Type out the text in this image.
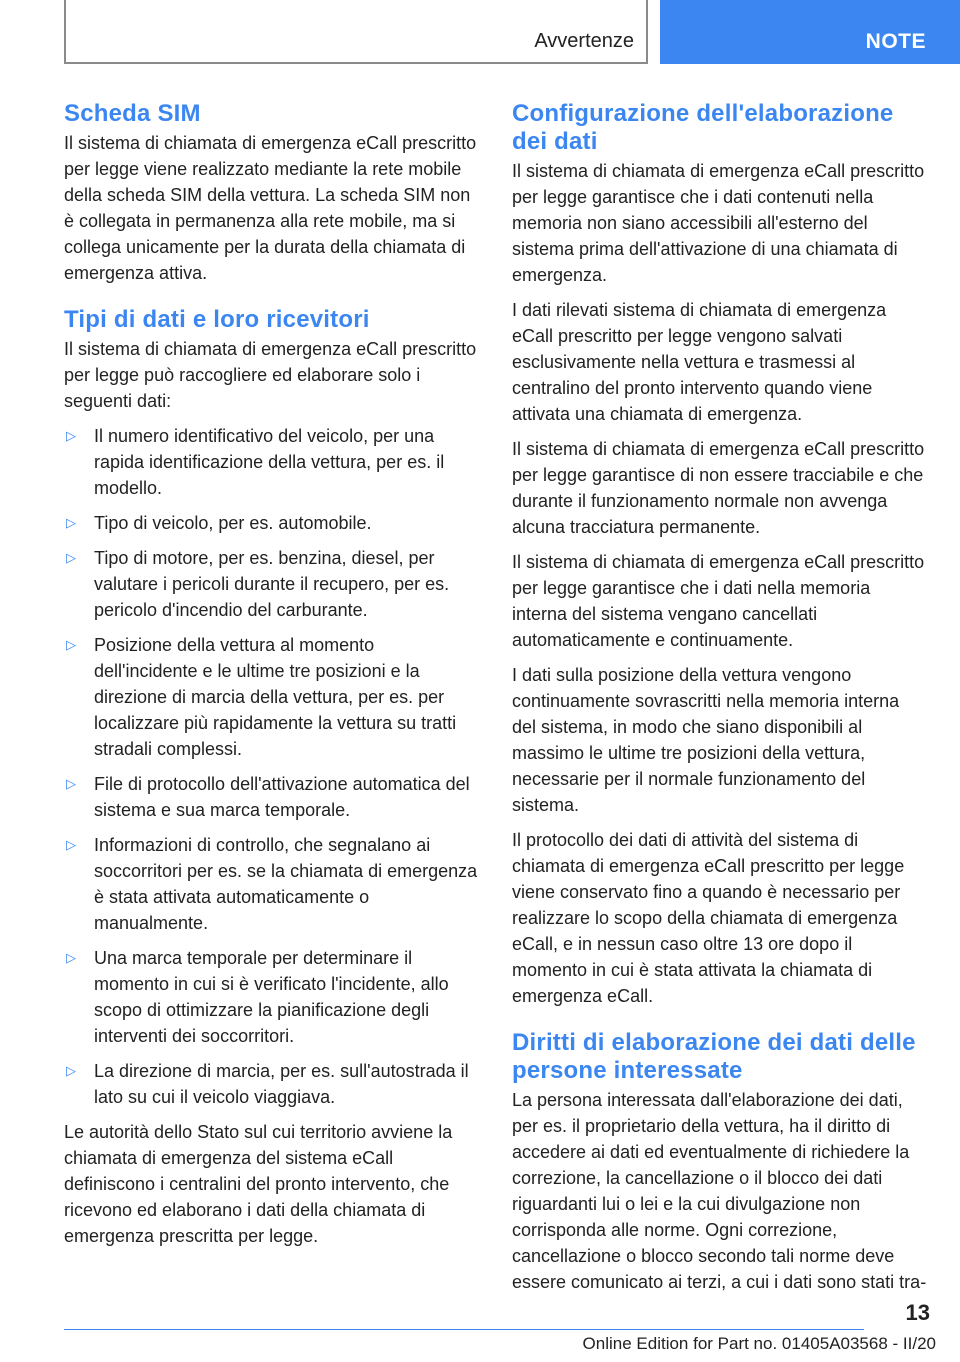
Avvertenze	NOTE
Scheda SIM

Il sistema di chiamata di emergenza eCall prescritto per legge viene realizzato mediante la rete mobile della scheda SIM della vettura. La scheda SIM non è collegata in permanenza alla rete mobile, ma si collega unicamente per la durata della chiamata di emergenza attiva.

Tipi di dati e loro ricevitori

Il sistema di chiamata di emergenza eCall prescritto per legge può raccogliere ed elaborare solo i seguenti dati:

▷ Il numero identificativo del veicolo, per una rapida identificazione della vettura, per es. il modello.
▷ Tipo di veicolo, per es. automobile.
▷ Tipo di motore, per es. benzina, diesel, per valutare i pericoli durante il recupero, per es. pericolo d'incendio del carburante.
▷ Posizione della vettura al momento dell'incidente e le ultime tre posizioni e la direzione di marcia della vettura, per es. per localizzare più rapidamente la vettura su tratti stradali complessi.
▷ File di protocollo dell'attivazione automatica del sistema e sua marca temporale.
▷ Informazioni di controllo, che segnalano ai soccorritori per es. se la chiamata di emergenza è stata attivata automaticamente o manualmente.
▷ Una marca temporale per determinare il momento in cui si è verificato l'incidente, allo scopo di ottimizzare la pianificazione degli interventi dei soccorritori.
▷ La direzione di marcia, per es. sull'autostrada il lato su cui il veicolo viaggiava.

Le autorità dello Stato sul cui territorio avviene la chiamata di emergenza del sistema eCall definiscono i centralini del pronto intervento, che ricevono ed elaborano i dati della chiamata di emergenza prescritta per legge.

Configurazione dell'elaborazione dei dati

Il sistema di chiamata di emergenza eCall prescritto per legge garantisce che i dati contenuti nella memoria non siano accessibili all'esterno del sistema prima dell'attivazione di una chiamata di emergenza.

I dati rilevati sistema di chiamata di emergenza eCall prescritto per legge vengono salvati esclusivamente nella vettura e trasmessi al centralino del pronto intervento quando viene attivata una chiamata di emergenza.

Il sistema di chiamata di emergenza eCall prescritto per legge garantisce di non essere tracciabile e che durante il funzionamento normale non avvenga alcuna tracciatura permanente.

Il sistema di chiamata di emergenza eCall prescritto per legge garantisce che i dati nella memoria interna del sistema vengano cancellati automaticamente e continuamente.

I dati sulla posizione della vettura vengono continuamente sovrascritti nella memoria interna del sistema, in modo che siano disponibili al massimo le ultime tre posizioni della vettura, necessarie per il normale funzionamento del sistema.

Il protocollo dei dati di attività del sistema di chiamata di emergenza eCall prescritto per legge viene conservato fino a quando è necessario per realizzare lo scopo della chiamata di emergenza eCall, e in nessun caso oltre 13 ore dopo il momento in cui è stata attivata la chiamata di emergenza eCall.

Diritti di elaborazione dei dati delle persone interessate

La persona interessata dall'elaborazione dei dati, per es. il proprietario della vettura, ha il diritto di accedere ai dati ed eventualmente di richiedere la correzione, la cancellazione o il blocco dei dati riguardanti lui o lei e la cui divulgazione non corrisponda alle norme. Ogni correzione, cancellazione o blocco secondo tali norme deve essere comunicato ai terzi, a cui i dati sono stati tra-

13
Online Edition for Part no. 01405A03568 - II/20
